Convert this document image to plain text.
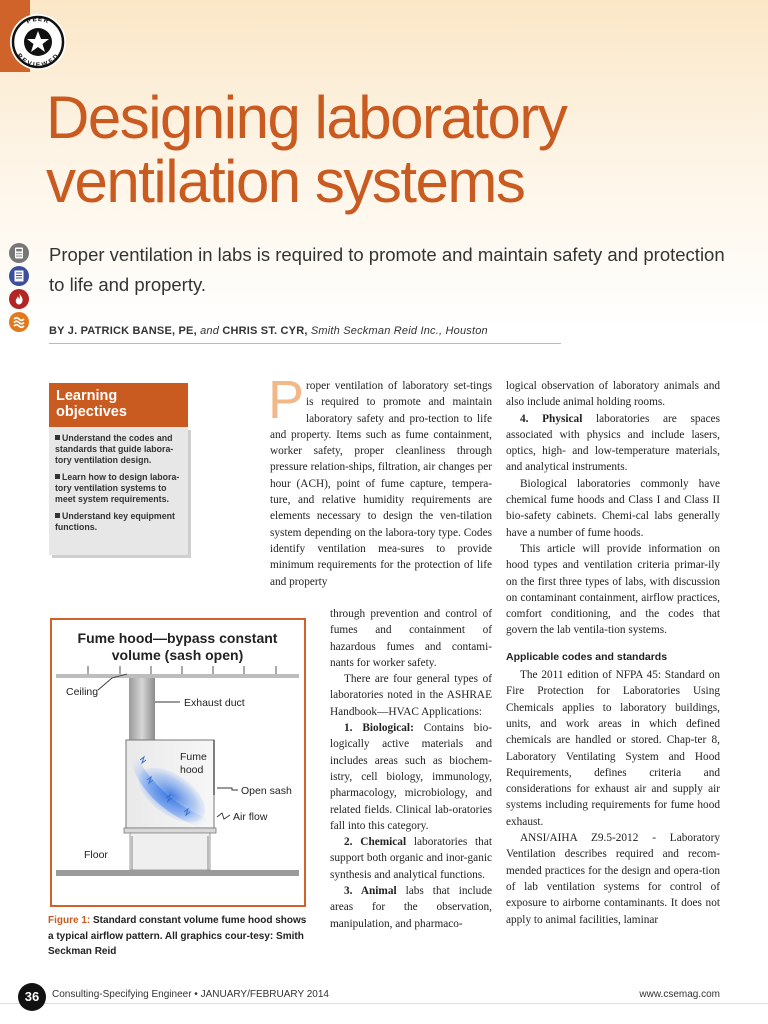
PEER
REVIEWED
Designing laboratory
ventilation systems
Proper ventilation in labs is required to promote and maintain safety and protection to life and property.
BY J. PATRICK BANSE, PE, and CHRIS ST. CYR, Smith Seckman Reid Inc., Houston
Learning objectives
Understand the codes and standards that guide labora-tory ventilation design.
Learn how to design labora-tory ventilation systems to meet system requirements.
Understand key equipment functions.
Fume hood—bypass constant
volume (sash open)
Ceiling
Exhaust duct
Fume
hood
Open sash
Air flow
Floor
Figure 1: Standard constant volume fume hood shows a typical airflow pattern. All graphics cour-tesy: Smith Seckman Reid

Proper ventilation of laboratory set-tings is required to promote and maintain laboratory safety and pro-tection to life and property. Items such as fume containment, worker safety, proper cleanliness through pressure relation-ships, filtration, air changes per hour (ACH), point of fume capture, tempera-ture, and relative humidity requirements are elements necessary to design the ven-tilation system depending on the labora-tory type. Codes identify ventilation mea-sures to provide minimum requirements for the protection of life and property

through prevention and control of fumes and containment of hazardous fumes and contami-nants for worker safety.

There are four general types of laboratories noted in the ASHRAE Handbook—HVAC Applications:

1. Biological: Contains bio-logically active materials and includes areas such as biochem-istry, cell biology, immunology, pharmacology, microbiology, and related fields. Clinical lab-oratories fall into this category.

2. Chemical laboratories that support both organic and inor-ganic synthesis and analytical functions.

3. Animal labs that include areas for the observation, manipulation, and pharmaco-

logical observation of laboratory animals and also include animal holding rooms.

4. Physical laboratories are spaces associated with physics and include lasers, optics, high- and low-temperature materials, and analytical instruments.

Biological laboratories commonly have chemical fume hoods and Class I and Class II bio-safety cabinets. Chemi-cal labs generally have a number of fume hoods.

This article will provide information on hood types and ventilation criteria primar-ily on the first three types of labs, with discussion on contaminant containment, airflow practices, comfort conditioning, and the codes that govern the lab ventila-tion systems.

Applicable codes and standards

The 2011 edition of NFPA 45: Standard on Fire Protection for Laboratories Using Chemicals applies to laboratory buildings, units, and work areas in which defined chemicals are handled or stored. Chap-ter 8, Laboratory Ventilating System and Hood Requirements, defines criteria and considerations for exhaust air and supply air systems including requirements for fume hood exhaust.

ANSI/AIHA Z9.5-2012 - Laboratory Ventilation describes required and recom-mended practices for the design and opera-tion of lab ventilation systems for control of exposure to airborne contaminants. It does not apply to animal facilities, laminar

36	Consulting-Specifying Engineer • JANUARY/FEBRUARY 2014	www.csemag.com
